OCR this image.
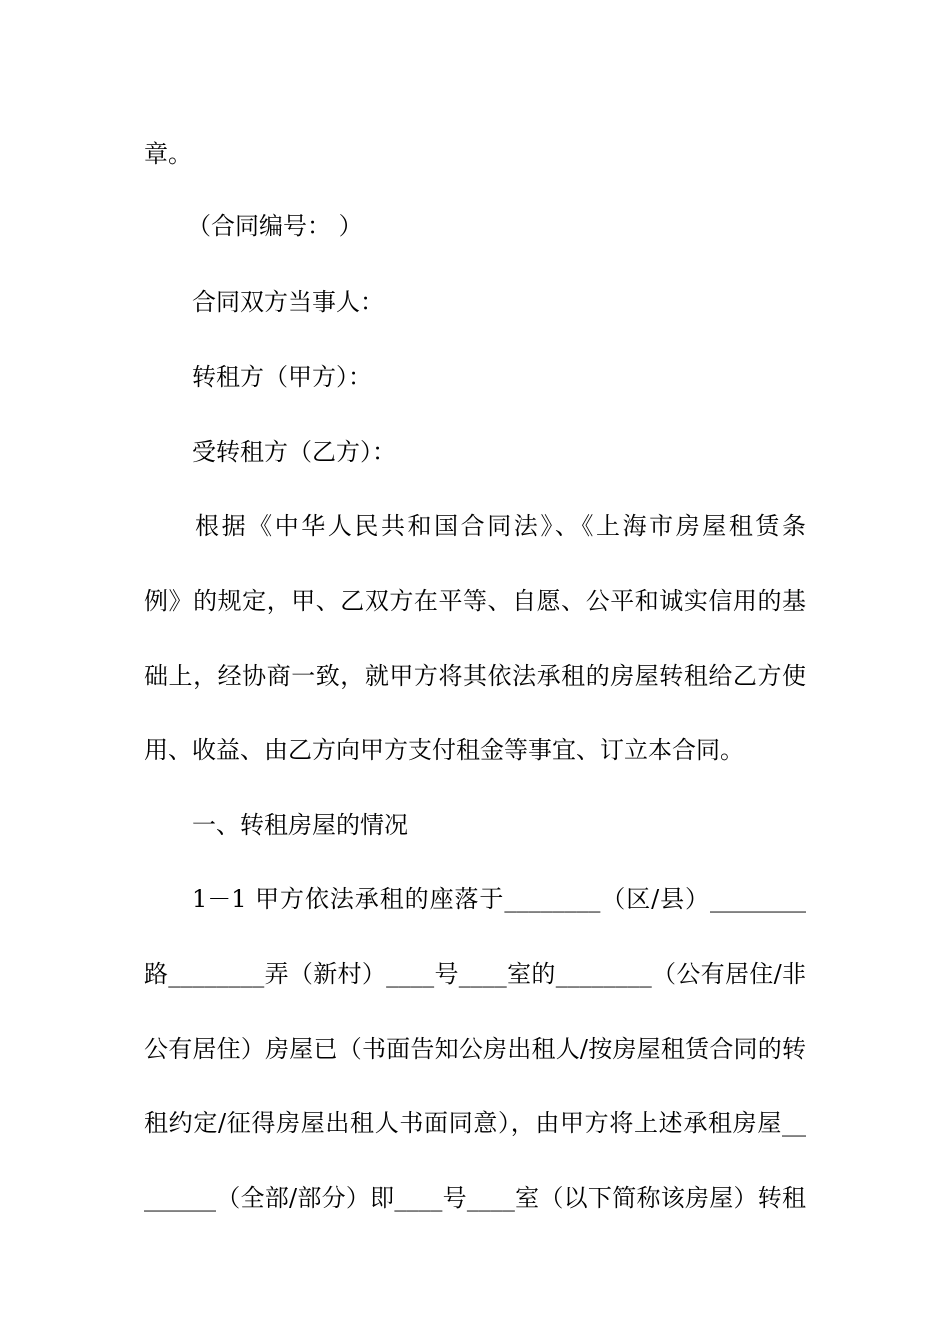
章。
（合同编号： ）
合同双方当事人：
转租方（甲方）：
受转租方（乙方）：
根据《中华人民共和国合同法》、《上海市房屋租赁条
例》的规定，甲、乙双方在平等、自愿、公平和诚实信用的基
础上，经协商一致，就甲方将其依法承租的房屋转租给乙方使
用、收益、由乙方向甲方支付租金等事宜、订立本合同。
一、转租房屋的情况
1－1 甲方依法承租的座落于________（区/县）________
路________弄（新村）____号____室的________（公有居住/非
公有居住）房屋已（书面告知公房出租人/按房屋租赁合同的转
租约定/征得房屋出租人书面同意），由甲方将上述承租房屋__
______（全部/部分）即____号____室（以下简称该房屋）转租
